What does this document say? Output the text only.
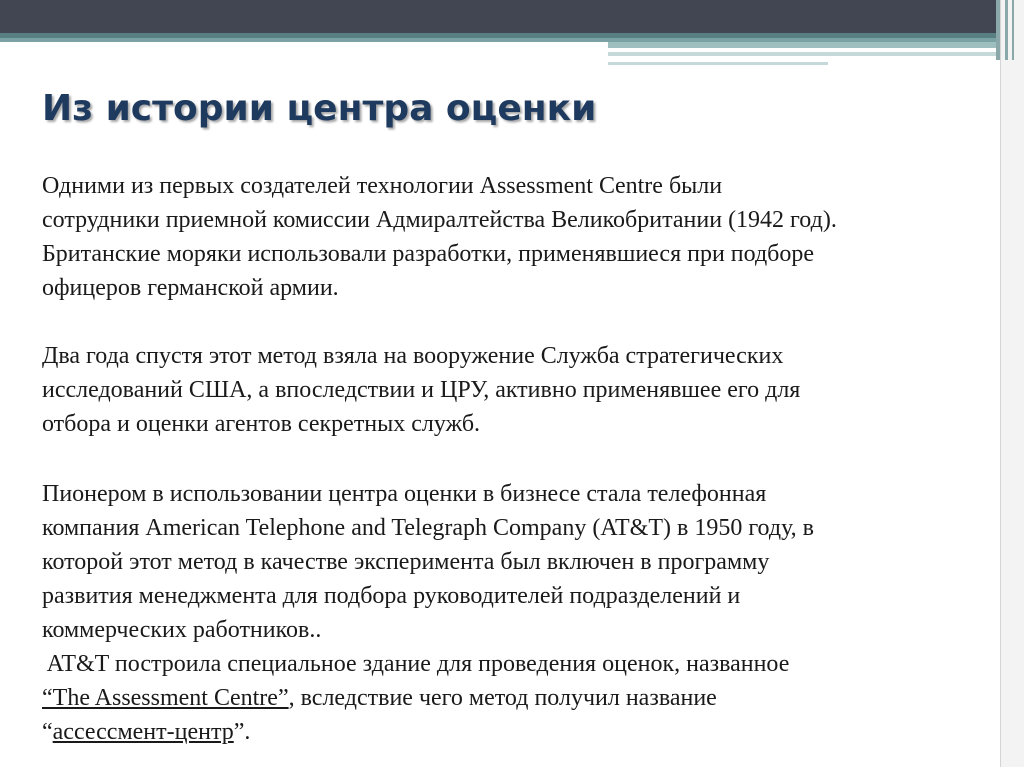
Из истории центра оценки

Одними из первых создателей технологии Assessment Centre были

сотрудники приемной комиссии Адмиралтейства Великобритании (1942 год).

Британские моряки использовали разработки, применявшиеся при подборе

офицеров германской армии.

Два года спустя этот метод взяла на вооружение Служба стратегических

исследований США, а впоследствии и ЦРУ, активно применявшее его для

отбора и оценки агентов секретных служб.

Пионером в использовании центра оценки в бизнесе стала телефонная

компания American Telephone and Telegraph Company (AT&T) в 1950 году, в

которой этот метод в качестве эксперимента был включен в программу

развития менеджмента для подбора руководителей подразделений и

коммерческих работников..

AT&T построила специальное здание для проведения оценок, названное

“The Assessment Centre”, вследствие чего метод получил название

“ассессмент-центр”.
